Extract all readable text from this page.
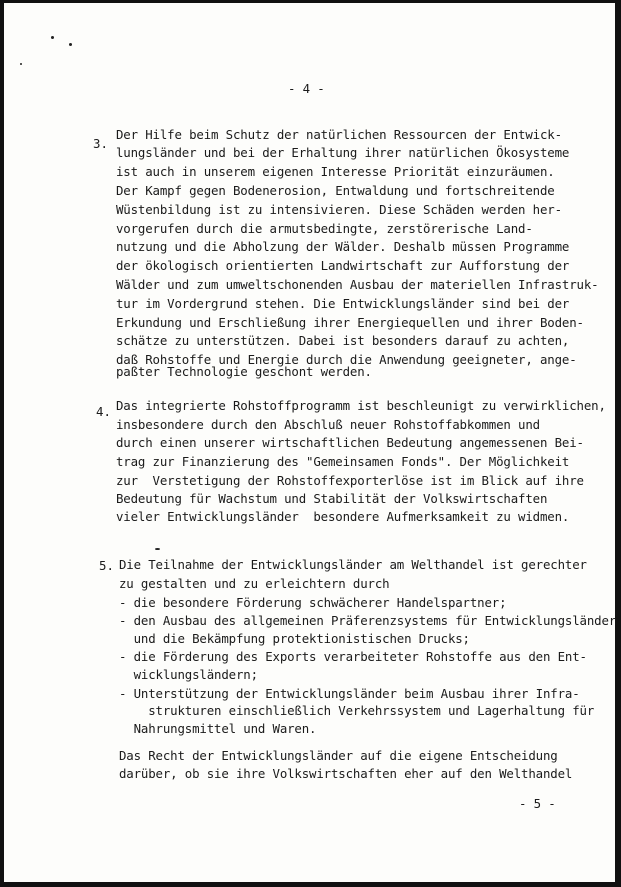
- 4 -
3.
Der Hilfe beim Schutz der natürlichen Ressourcen der Entwick-
lungsländer und bei der Erhaltung ihrer natürlichen Ökosysteme
ist auch in unserem eigenen Interesse Priorität einzuräumen.
Der Kampf gegen Bodenerosion, Entwaldung und fortschreitende
Wüstenbildung ist zu intensivieren. Diese Schäden werden her-
vorgerufen durch die armutsbedingte, zerstörerische Land-
nutzung und die Abholzung der Wälder. Deshalb müssen Programme
der ökologisch orientierten Landwirtschaft zur Aufforstung der
Wälder und zum umweltschonenden Ausbau der materiellen Infrastruk-
tur im Vordergrund stehen. Die Entwicklungsländer sind bei der
Erkundung und Erschließung ihrer Energiequellen und ihrer Boden-
schätze zu unterstützen. Dabei ist besonders darauf zu achten,
daß Rohstoffe und Energie durch die Anwendung geeigneter, ange-
paßter Technologie geschont werden.
4. Das integrierte Rohstoffprogramm ist beschleunigt zu verwirklichen,
insbesondere durch den Abschluß neuer Rohstoffabkommen und
durch einen unserer wirtschaftlichen Bedeutung angemessenen Bei-
trag zur Finanzierung des "Gemeinsamen Fonds". Der Möglichkeit
zur  Verstetigung der Rohstoffexporterlöse ist im Blick auf ihre
Bedeutung für Wachstum und Stabilität der Volkswirtschaften
vieler Entwicklungsländer  besondere Aufmerksamkeit zu widmen.
5. Die Teilnahme der Entwicklungsländer am Welthandel ist gerechter
zu gestalten und zu erleichtern durch
- die besondere Förderung schwächerer Handelspartner;
- den Ausbau des allgemeinen Präferenzsystems für Entwicklungsländer
und die Bekämpfung protektionistischen Drucks;
- die Förderung des Exports verarbeiteter Rohstoffe aus den Ent-
wicklungsländern;
- Unterstützung der Entwicklungsländer beim Ausbau ihrer Infra-
strukturen einschließlich Verkehrssystem und Lagerhaltung für
Nahrungsmittel und Waren.
Das Recht der Entwicklungsländer auf die eigene Entscheidung
darüber, ob sie ihre Volkswirtschaften eher auf den Welthandel
- 5 -
